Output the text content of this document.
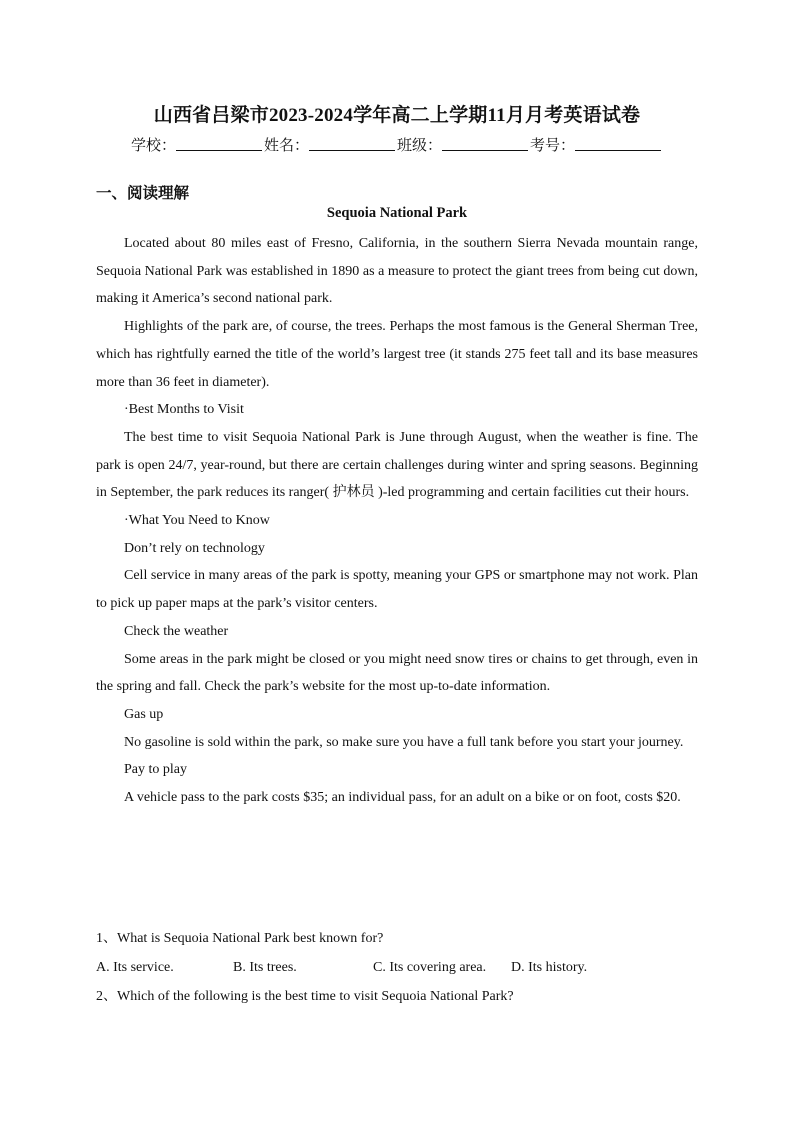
山西省吕梁市2023-2024学年高二上学期11月月考英语试卷
学校：	姓名：	班级：	考号：
一、阅读理解
Sequoia National Park

Located about 80 miles east of Fresno, California, in the southern Sierra Nevada mountain range, Sequoia National Park was established in 1890 as a measure to protect the giant trees from being cut down, making it America’s second national park.

Highlights of the park are, of course, the trees. Perhaps the most famous is the General Sherman Tree, which has rightfully earned the title of the world’s largest tree (it stands 275 feet tall and its base measures more than 36 feet in diameter).

·Best Months to Visit

The best time to visit Sequoia National Park is June through August, when the weather is fine. The park is open 24/7, year-round, but there are certain challenges during winter and spring seasons. Beginning in September, the park reduces its ranger( 护林员 )-led programming and certain facilities cut their hours.

·What You Need to Know

Don’t rely on technology

Cell service in many areas of the park is spotty, meaning your GPS or smartphone may not work. Plan to pick up paper maps at the park’s visitor centers.

Check the weather

Some areas in the park might be closed or you might need snow tires or chains to get through, even in the spring and fall. Check the park’s website for the most up-to-date information.

Gas up

No gasoline is sold within the park, so make sure you have a full tank before you start your journey.

Pay to play

A vehicle pass to the park costs $35; an individual pass, for an adult on a bike or on foot, costs $20.

1、What is Sequoia National Park best known for?

A. Its service.	B. Its trees.	C. Its covering area.	D. Its history.

2、Which of the following is the best time to visit Sequoia National Park?
